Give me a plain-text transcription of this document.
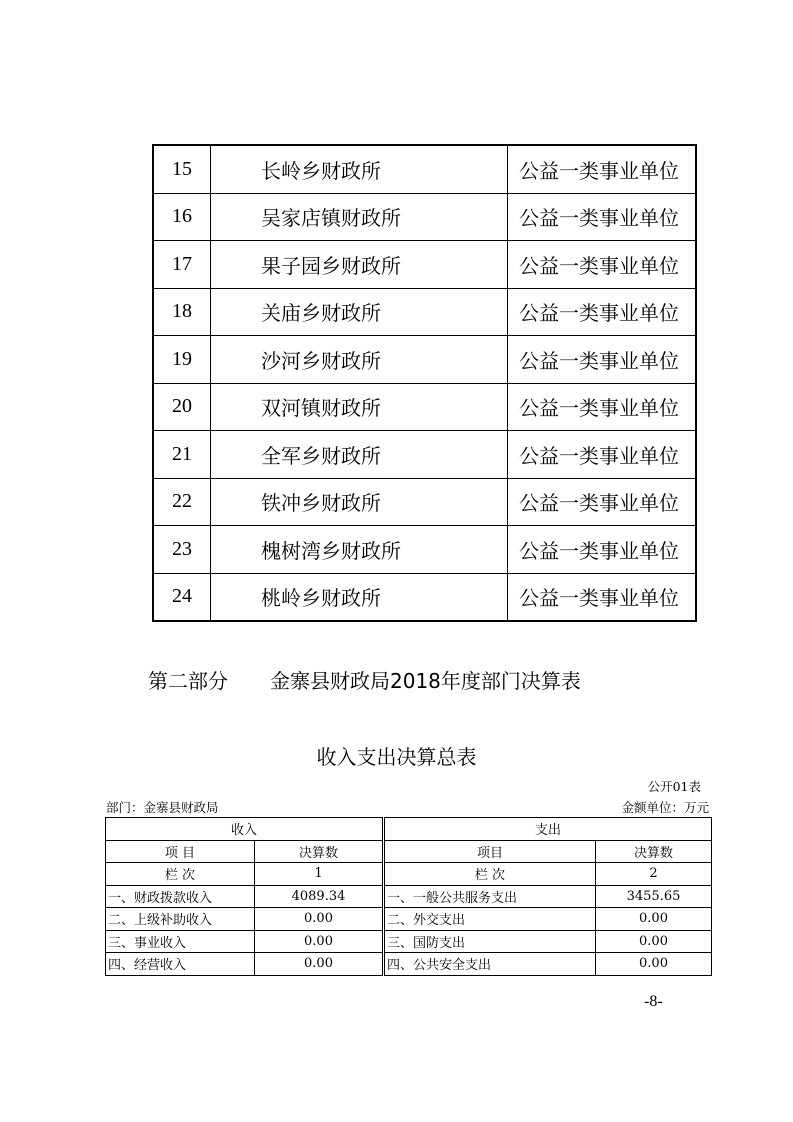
15	长岭乡财政所	公益一类事业单位
16	吴家店镇财政所	公益一类事业单位
17	果子园乡财政所	公益一类事业单位
18	关庙乡财政所	公益一类事业单位
19	沙河乡财政所	公益一类事业单位
20	双河镇财政所	公益一类事业单位
21	全军乡财政所	公益一类事业单位
22	铁冲乡财政所	公益一类事业单位
23	槐树湾乡财政所	公益一类事业单位
24	桃岭乡财政所	公益一类事业单位
第二部分 金寨县财政局2018年度部门决算表
收入支出决算总表
公开01表
部门：金寨县财政局	金额单位：万元
收入		支出	
项 目	决算数	项目	决算数
栏 次	1	栏 次	2
一、财政拨款收入	4089.34	一、一般公共服务支出	3455.65
二、上级补助收入	0.00	二、外交支出	0.00
三、事业收入	0.00	三、国防支出	0.00
四、经营收入	0.00	四、公共安全支出	0.00
-8-
